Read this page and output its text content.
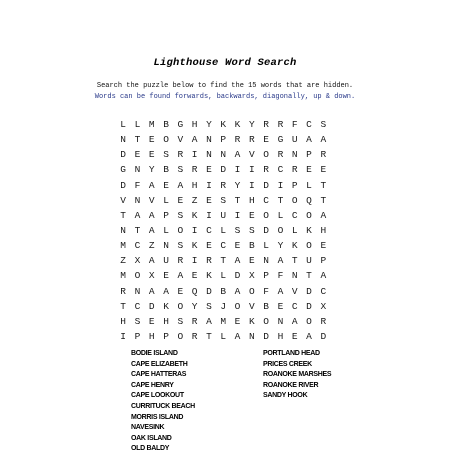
Lighthouse Word Search
Search the puzzle below to find the 15 words that are hidden.
Words can be found forwards, backwards, diagonally, up & down.
L L M B G H Y K K Y R R F C S
N T E O V A N P R R E G U A A
D E E S R I N N A V O R N P R
G N Y B S R E D I I R C R E E
D F A E A H I R Y I D I P L T
V N V L E Z E S T H C T O Q T
T A A P S K I U I E O L C O A
N T A L O I C L S S D O L K H
M C Z N S K E C E B L Y K O E
Z X A U R I R T A E N A T U P
M O X E A E K L D X P F N T A
R N A A E Q D B A O F A V D C
T C D K O Y S J O V B E C D X
H S E H S R A M E K O N A O R
I P H P O R T L A N D H E A D
BODIE ISLAND
CAPE ELIZABETH
CAPE HATTERAS
CAPE HENRY
CAPE LOOKOUT
CURRITUCK BEACH
MORRIS ISLAND
NAVESINK
OAK ISLAND
OLD BALDY
PORTLAND HEAD
PRICES CREEK
ROANOKE MARSHES
ROANOKE RIVER
SANDY HOOK
